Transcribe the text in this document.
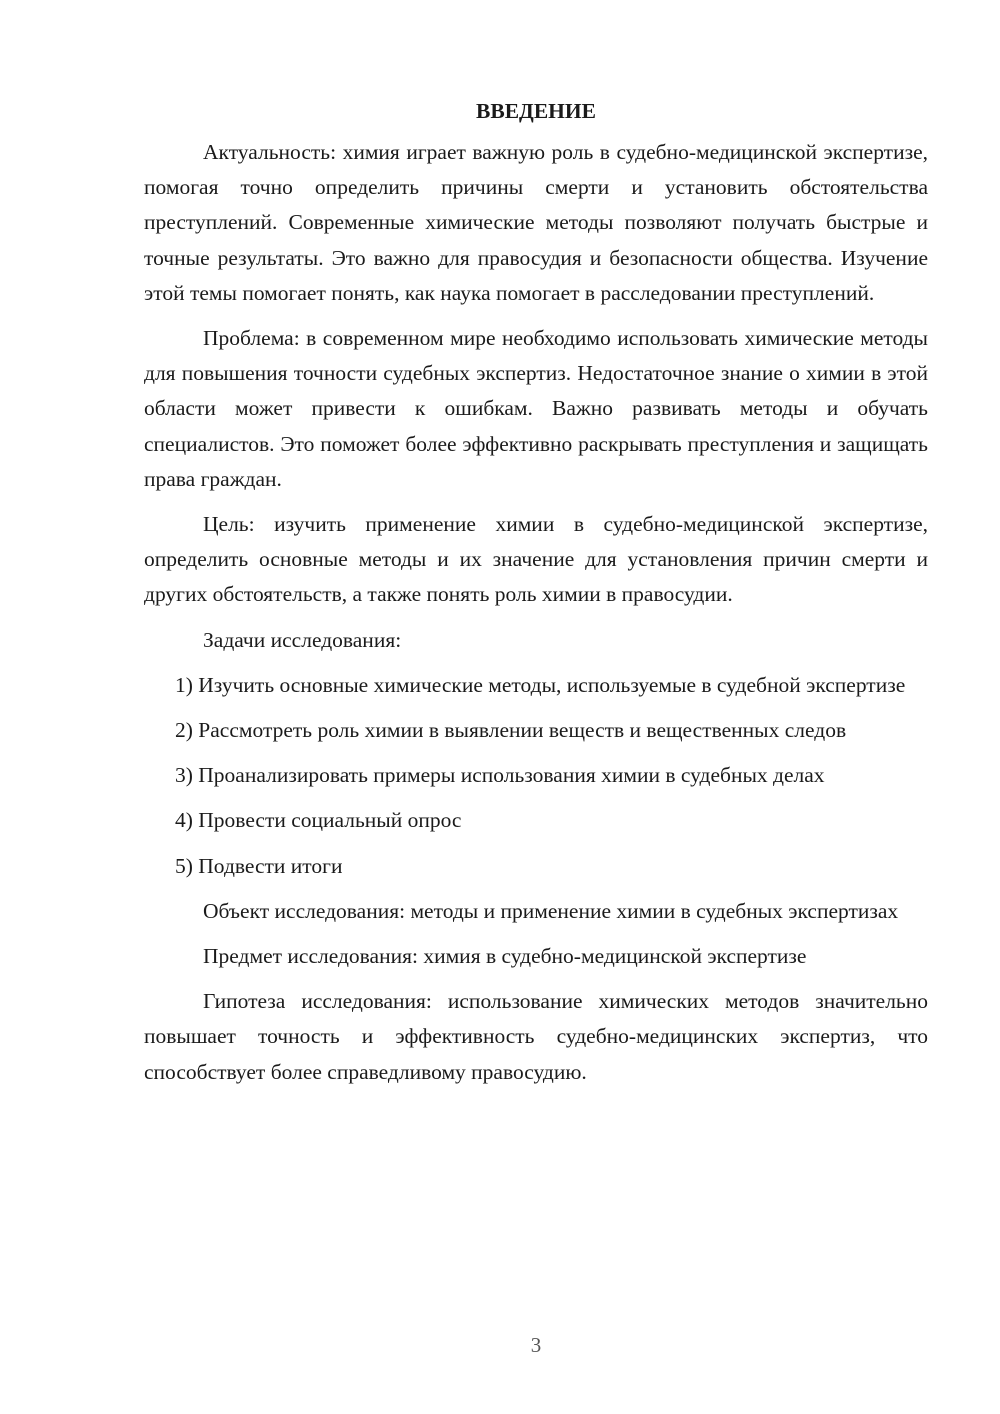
ВВЕДЕНИЕ

Актуальность: химия играет важную роль в судебно-медицинской экспертизе, помогая точно определить причины смерти и установить обстоятельства преступлений. Современные химические методы позволяют получать быстрые и точные результаты. Это важно для правосудия и безопасности общества. Изучение этой темы помогает понять, как наука помогает в расследовании преступлений.

Проблема: в современном мире необходимо использовать химические методы для повышения точности судебных экспертиз. Недостаточное знание о химии в этой области может привести к ошибкам. Важно развивать методы и обучать специалистов. Это поможет более эффективно раскрывать преступления и защищать права граждан.

Цель: изучить применение химии в судебно-медицинской экспертизе, определить основные методы и их значение для установления причин смерти и других обстоятельств, а также понять роль химии в правосудии.

Задачи исследования:

1) Изучить основные химические методы, используемые в судебной экспертизе

2) Рассмотреть роль химии в выявлении веществ и вещественных следов

3) Проанализировать примеры использования химии в судебных делах

4) Провести социальный опрос

5) Подвести итоги

Объект исследования: методы и применение химии в судебных экспертизах

Предмет исследования: химия в судебно-медицинской экспертизе

Гипотеза исследования: использование химических методов значительно повышает точность и эффективность судебно-медицинских экспертиз, что способствует более справедливому правосудию.

3
